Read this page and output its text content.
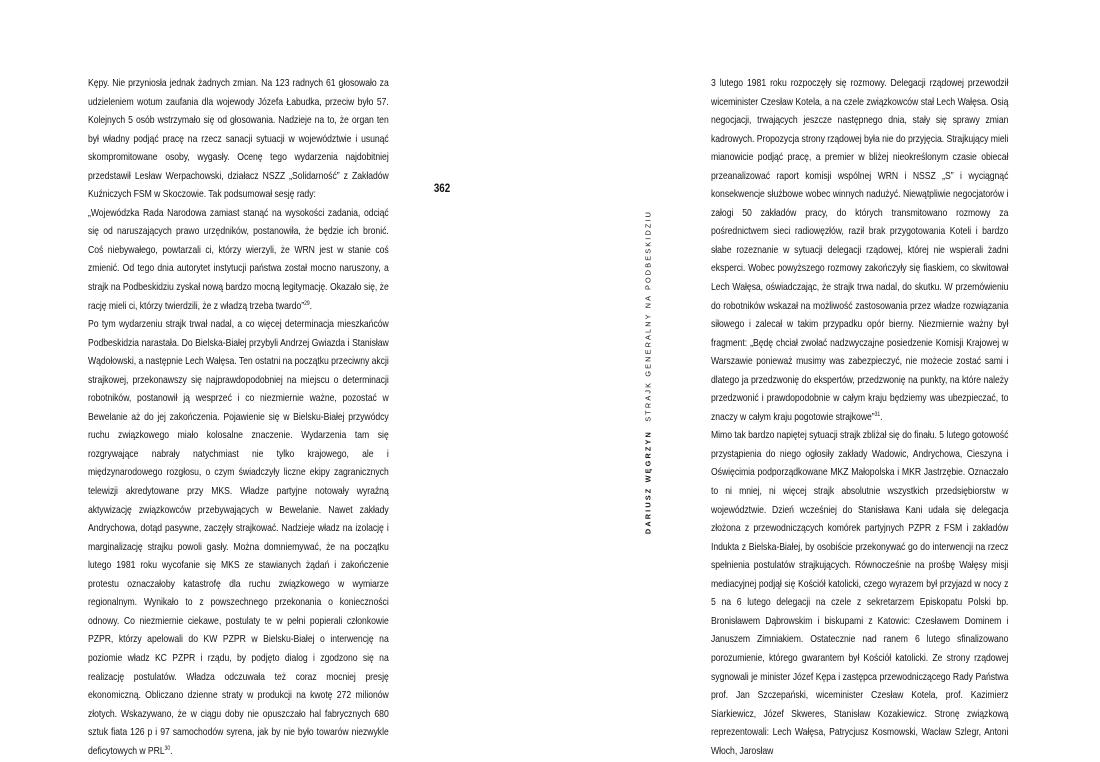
Kępy. Nie przyniosła jednak żadnych zmian. Na 123 radnych 61 głosowało za udzieleniem wotum zaufania dla wojewody Józefa Łabudka, przeciw było 57. Kolejnych 5 osób wstrzymało się od głosowania. Nadzieje na to, że organ ten był władny podjąć pracę na rzecz sanacji sytuacji w województwie i usunąć skompromitowane osoby, wygasły. Ocenę tego wydarzenia najdobitniej przedstawił Lesław Werpachowski, działacz NSZZ „Solidarność” z Zakładów Kuźniczych FSM w Skoczowie. Tak podsumował sesję rady:

„Wojewódzka Rada Narodowa zamiast stanąć na wysokości zadania, odciąć się od naruszających prawo urzędników, postanowiła, że będzie ich bronić. Coś niebywałego, powtarzali ci, którzy wierzyli, że WRN jest w stanie coś zmienić. Od tego dnia autorytet instytucji państwa został mocno naruszony, a strajk na Podbeskidziu zyskał nową bardzo mocną legitymację. Okazało się, że rację mieli ci, którzy twierdzili, że z władzą trzeba twardo”$^{29}$.

Po tym wydarzeniu strajk trwał nadal, a co więcej determinacja mieszkańców Podbeskidzia narastała. Do Bielska-Białej przybyli Andrzej Gwiazda i Stanisław Wądołowski, a następnie Lech Wałęsa. Ten ostatni na początku przeciwny akcji strajkowej, przekonawszy się najprawdopodobniej na miejscu o determinacji robotników, postanowił ją wesprzeć i co niezmiernie ważne, pozostać w Bewelanie aż do jej zakończenia. Pojawienie się w Bielsku-Białej przywódcy ruchu związkowego miało kolosalne znaczenie. Wydarzenia tam się rozgrywające nabrały natychmiast nie tylko krajowego, ale i międzynarodowego rozgłosu, o czym świadczyły liczne ekipy zagranicznych telewizji akredytowane przy MKS. Władze partyjne notowały wyraźną aktywizację związkowców przebywających w Bewelanie. Nawet zakłady Andrychowa, dotąd pasywne, zaczęły strajkować. Nadzieje władz na izolację i marginalizację strajku powoli gasły. Można domniemywać, że na początku lutego 1981 roku wycofanie się MKS ze stawianych żądań i zakończenie protestu oznaczałoby katastrofę dla ruchu związkowego w wymiarze regionalnym. Wynikało to z powszechnego przekonania o konieczności odnowy. Co niezmiernie ciekawe, postulaty te w pełni popierali członkowie PZPR, którzy apelowali do KW PZPR w Bielsku-Białej o interwencję na poziomie władz KC PZPR i rządu, by podjęto dialog i zgodzono się na realizację postulatów. Władza odczuwała też coraz mocniej presję ekonomiczną. Obliczano dzienne straty w produkcji na kwotę 272 milionów złotych. Wskazywano, że w ciągu doby nie opuszczało hal fabrycznych 680 sztuk fiata 126 p i 97 samochodów syrena, jak by nie było towarów niezwykle deficytowych w PRL$^{30}$.

362

3 lutego 1981 roku rozpoczęły się rozmowy. Delegacji rządowej przewodził wiceminister Czesław Kotela, a na czele związkowców stał Lech Wałęsa. Osią negocjacji, trwających jeszcze następnego dnia, stały się sprawy zmian kadrowych. Propozycja strony rządowej była nie do przyjęcia. Strajkujący mieli mianowicie podjąć pracę, a premier w bliżej nieokreślonym czasie obiecał przeanalizować raport komisji wspólnej WRN i NSSZ „S” i wyciągnąć konsekwencje służbowe wobec winnych nadużyć. Niewątpliwie negocjatorów i załogi 50 zakładów pracy, do których transmitowano rozmowy za pośrednictwem sieci radiowęzłów, raził brak przygotowania Koteli i bardzo słabe rozeznanie w sytuacji delegacji rządowej, której nie wspierali żadni eksperci. Wobec powyższego rozmowy zakończyły się fiaskiem, co skwitował Lech Wałęsa, oświadczając, że strajk trwa nadal, do skutku. W przemówieniu do robotników wskazał na możliwość zastosowania przez władze rozwiązania siłowego i zalecał w takim przypadku opór bierny. Niezmiernie ważny był fragment: „Będę chciał zwołać nadzwyczajne posiedzenie Komisji Krajowej w Warszawie ponieważ musimy was zabezpieczyć, nie możecie zostać sami i dlatego ja przedzwonię do ekspertów, przedzwonię na punkty, na które należy przedzwonić i prawdopodobnie w całym kraju będziemy was ubezpieczać, to znaczy w całym kraju pogotowie strajkowe”$^{31}$.

Mimo tak bardzo napiętej sytuacji strajk zbliżał się do finału. 5 lutego gotowość przystąpienia do niego ogłosiły zakłady Wadowic, Andrychowa, Cieszyna i Oświęcimia podporządkowane MKZ Małopolska i MKR Jastrzębie. Oznaczało to ni mniej, ni więcej strajk absolutnie wszystkich przedsiębiorstw w województwie. Dzień wcześniej do Stanisława Kani udała się delegacja złożona z przewodniczących komórek partyjnych PZPR z FSM i zakładów Indukta z Bielska-Białej, by osobiście przekonywać go do interwencji na rzecz spełnienia postulatów strajkujących. Równocześnie na prośbę Wałęsy misji mediacyjnej podjął się Kościół katolicki, czego wyrazem był przyjazd w nocy z 5 na 6 lutego delegacji na czele z sekretarzem Episkopatu Polski bp. Bronisławem Dąbrowskim i biskupami z Katowic: Czesławem Dominem i Januszem Zimniakiem. Ostatecznie nad ranem 6 lutego sfinalizowano porozumienie, którego gwarantem był Kościół katolicki. Ze strony rządowej sygnowali je minister Józef Kępa i zastępca przewodniczącego Rady Państwa prof. Jan Szczepański, wiceminister Czesław Kotela, prof. Kazimierz Siarkiewicz, Józef Skweres, Stanisław Kozakiewicz. Stronę związkową reprezentowali: Lech Wałęsa, Patrycjusz Kosmowski, Wacław Szlegr, Antoni Włoch, Jarosław

DARIUSZ WĘGRZYN  STRAJK GENERALNY NA PODBESKIDZIU
